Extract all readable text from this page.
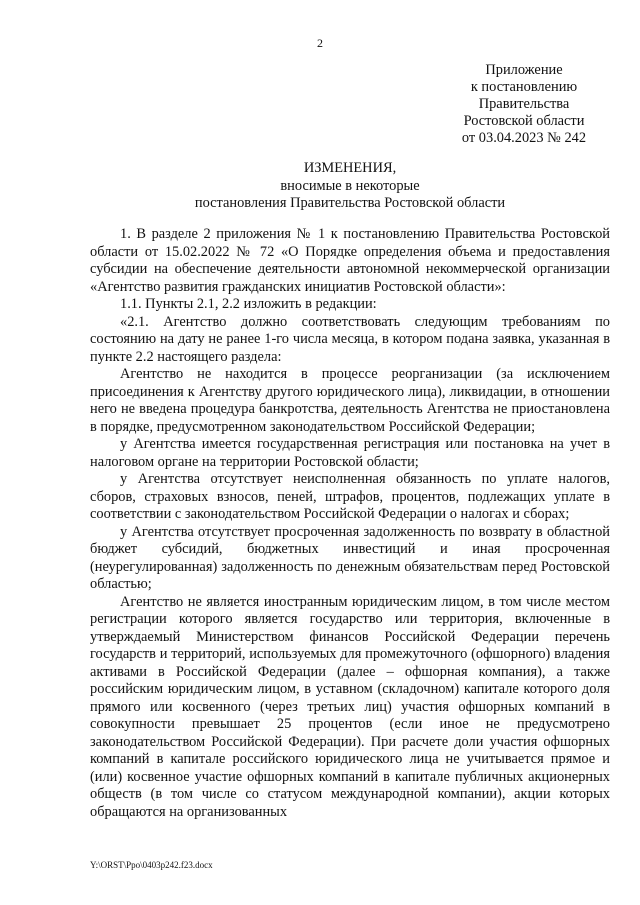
2
Приложение
к постановлению
Правительства
Ростовской области
от 03.04.2023 № 242
ИЗМЕНЕНИЯ,
вносимые в некоторые
постановления Правительства Ростовской области

1. В разделе 2 приложения № 1 к постановлению Правительства Ростовской области от 15.02.2022 № 72 «О Порядке определения объема и предоставления субсидии на обеспечение деятельности автономной некоммерческой организации «Агентство развития гражданских инициатив Ростовской области»:

1.1. Пункты 2.1, 2.2 изложить в редакции:

«2.1. Агентство должно соответствовать следующим требованиям по состоянию на дату не ранее 1-го числа месяца, в котором подана заявка, указанная в пункте 2.2 настоящего раздела:

Агентство не находится в процессе реорганизации (за исключением присоединения к Агентству другого юридического лица), ликвидации, в отношении него не введена процедура банкротства, деятельность Агентства не приостановлена в порядке, предусмотренном законодательством Российской Федерации;

у Агентства имеется государственная регистрация или постановка на учет в налоговом органе на территории Ростовской области;

у Агентства отсутствует неисполненная обязанность по уплате налогов, сборов, страховых взносов, пеней, штрафов, процентов, подлежащих уплате в соответствии с законодательством Российской Федерации о налогах и сборах;

у Агентства отсутствует просроченная задолженность по возврату в областной бюджет субсидий, бюджетных инвестиций и иная просроченная (неурегулированная) задолженность по денежным обязательствам перед Ростовской областью;

Агентство не является иностранным юридическим лицом, в том числе местом регистрации которого является государство или территория, включенные в утверждаемый Министерством финансов Российской Федерации перечень государств и территорий, используемых для промежуточного (офшорного) владения активами в Российской Федерации (далее – офшорная компания), а также российским юридическим лицом, в уставном (складочном) капитале которого доля прямого или косвенного (через третьих лиц) участия офшорных компаний в совокупности превышает 25 процентов (если иное не предусмотрено законодательством Российской Федерации). При расчете доли участия офшорных компаний в капитале российского юридического лица не учитывается прямое и (или) косвенное участие офшорных компаний в капитале публичных акционерных обществ (в том числе со статусом международной компании), акции которых обращаются на организованных

Y:\ORST\Ppo\0403p242.f23.docx
